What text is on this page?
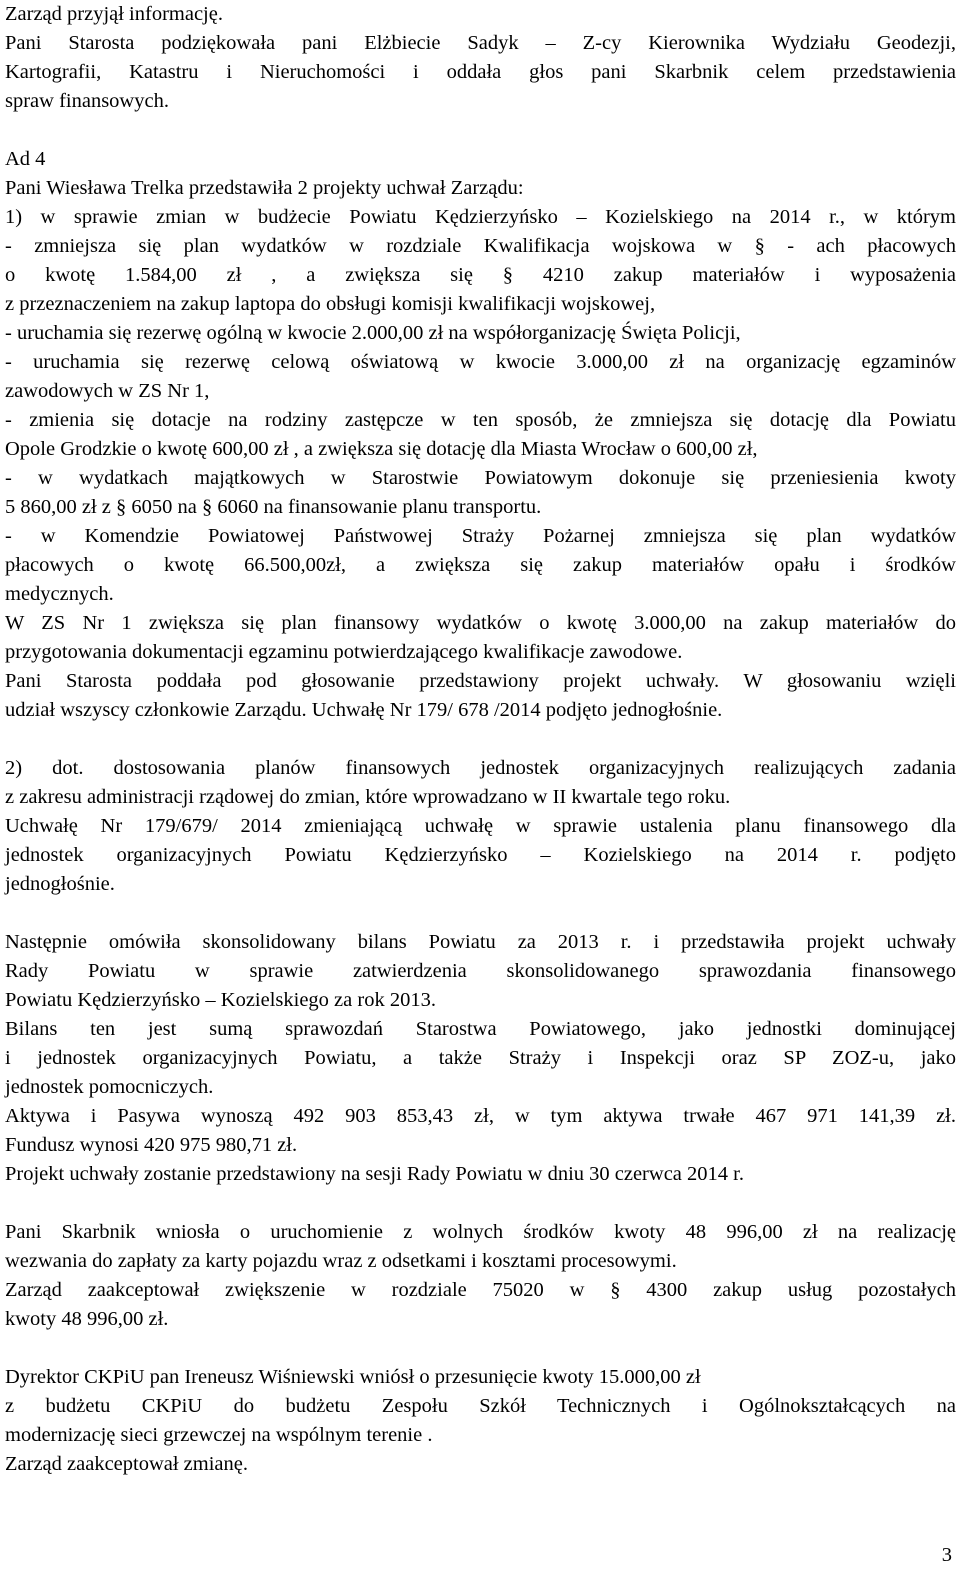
Zarząd przyjął informację.
Pani Starosta podziękowała pani Elżbiecie Sadyk – Z-cy Kierownika Wydziału Geodezji,
Kartografii, Katastru i Nieruchomości i oddała głos pani Skarbnik celem przedstawienia
spraw finansowych.
Ad 4
Pani Wiesława Trelka przedstawiła 2 projekty uchwał Zarządu:
1) w sprawie zmian w budżecie Powiatu Kędzierzyńsko – Kozielskiego na 2014 r., w którym
- zmniejsza się plan wydatków w rozdziale Kwalifikacja wojskowa w § - ach płacowych
o kwotę 1.584,00 zł , a zwiększa się § 4210 zakup materiałów i wyposażenia
z przeznaczeniem na zakup laptopa do obsługi komisji kwalifikacji wojskowej,
- uruchamia się rezerwę ogólną w kwocie 2.000,00 zł na współorganizację Święta Policji,
- uruchamia się rezerwę celową oświatową w kwocie 3.000,00 zł na organizację egzaminów
zawodowych w ZS Nr 1,
- zmienia się dotacje na rodziny zastępcze w ten sposób, że zmniejsza się dotację dla Powiatu
Opole Grodzkie o kwotę 600,00 zł , a zwiększa się dotację dla Miasta Wrocław o 600,00 zł,
- w wydatkach majątkowych w Starostwie Powiatowym dokonuje się przeniesienia kwoty
5 860,00 zł z § 6050 na § 6060 na finansowanie planu transportu.
- w Komendzie Powiatowej Państwowej Straży Pożarnej zmniejsza się plan wydatków
płacowych o kwotę 66.500,00zł, a zwiększa się zakup materiałów opału i środków
medycznych.
W ZS Nr 1 zwiększa się plan finansowy wydatków o kwotę 3.000,00 na zakup materiałów do
przygotowania dokumentacji egzaminu potwierdzającego kwalifikacje zawodowe.
Pani Starosta poddała pod głosowanie przedstawiony projekt uchwały. W głosowaniu wzięli
udział wszyscy członkowie Zarządu. Uchwałę Nr 179/ 678 /2014 podjęto jednogłośnie.
2) dot. dostosowania planów finansowych jednostek organizacyjnych realizujących zadania
z zakresu administracji rządowej do zmian, które wprowadzano w II kwartale tego roku.
Uchwałę Nr 179/679/ 2014 zmieniającą uchwałę w sprawie ustalenia planu finansowego dla
jednostek organizacyjnych Powiatu Kędzierzyńsko – Kozielskiego na 2014 r. podjęto
jednogłośnie.
Następnie omówiła skonsolidowany bilans Powiatu za 2013 r. i przedstawiła projekt uchwały
Rady Powiatu w sprawie zatwierdzenia skonsolidowanego sprawozdania finansowego
Powiatu Kędzierzyńsko – Kozielskiego za rok 2013.
Bilans ten jest sumą sprawozdań Starostwa Powiatowego, jako jednostki dominującej
i jednostek organizacyjnych Powiatu, a także Straży i Inspekcji oraz SP ZOZ-u, jako
jednostek pomocniczych.
Aktywa i Pasywa wynoszą 492 903 853,43 zł, w tym aktywa trwałe 467 971 141,39 zł.
Fundusz wynosi 420 975 980,71 zł.
Projekt uchwały zostanie przedstawiony na sesji Rady Powiatu w dniu 30 czerwca 2014 r.
Pani Skarbnik wniosła o uruchomienie z wolnych środków kwoty 48 996,00 zł na realizację
wezwania do zapłaty za karty pojazdu wraz z odsetkami i kosztami procesowymi.
Zarząd zaakceptował zwiększenie w rozdziale 75020 w § 4300 zakup usług pozostałych
kwoty 48 996,00 zł.
Dyrektor CKPiU pan Ireneusz Wiśniewski wniósł o przesunięcie kwoty 15.000,00 zł
z budżetu CKPiU do budżetu Zespołu Szkół Technicznych i Ogólnokształcących na
modernizację sieci grzewczej na wspólnym terenie .
Zarząd zaakceptował zmianę.
3
